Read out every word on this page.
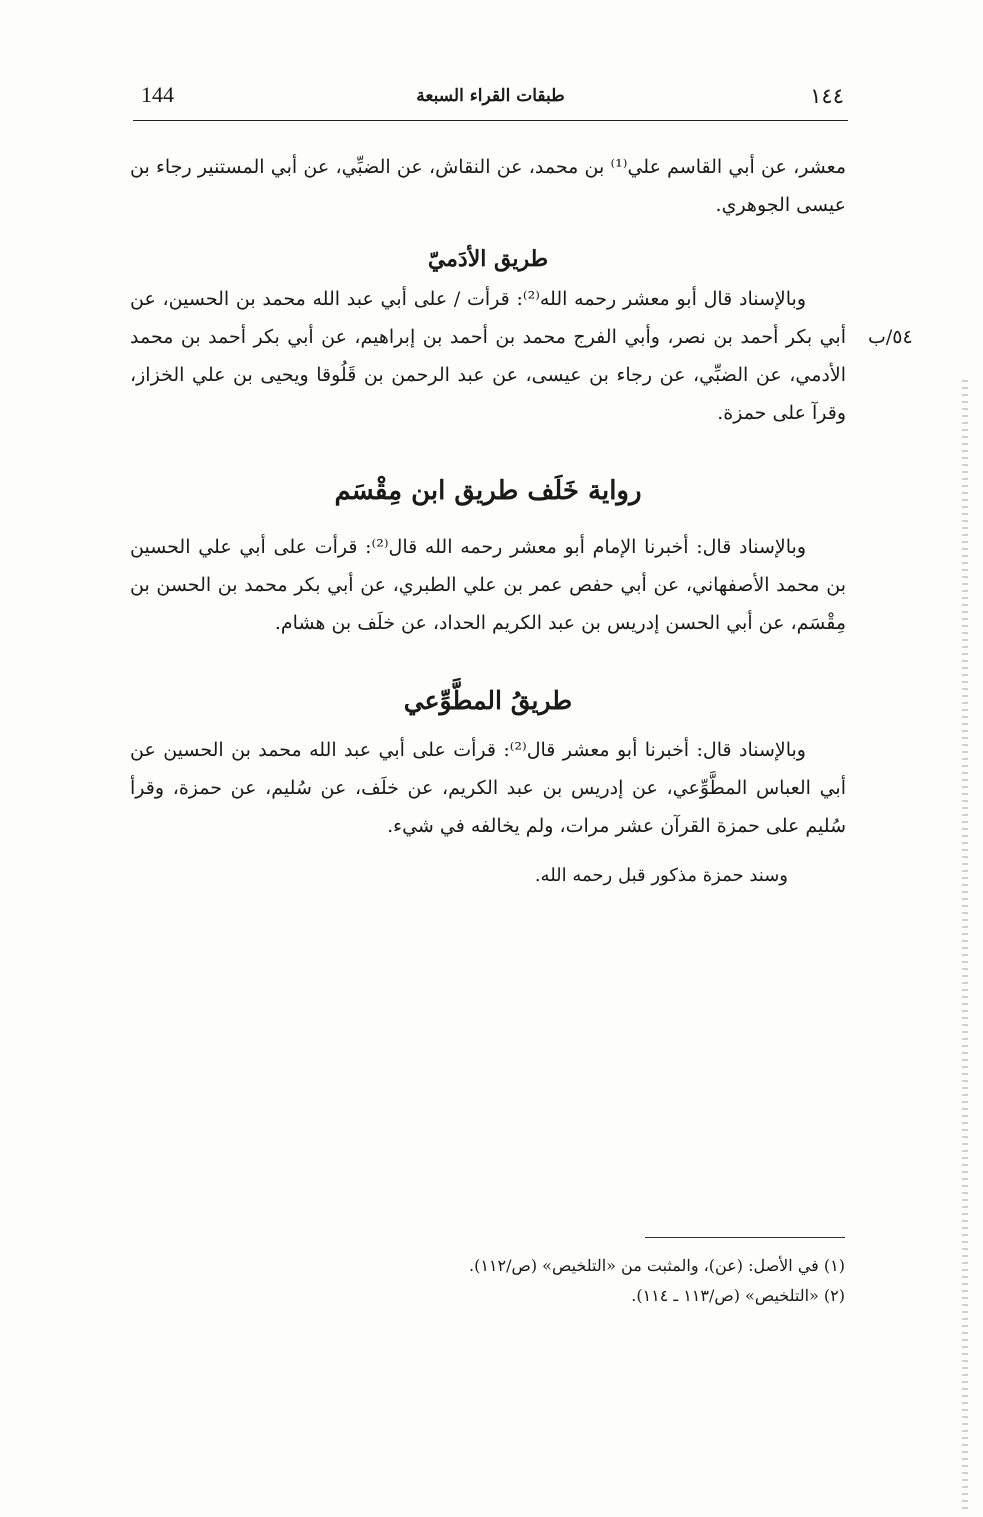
144	طبقات القراء السبعة	١٤٤
٥٤/ب

معشر، عن أبي القاسم علي⁽¹⁾ بن محمد، عن النقاش، عن الضبِّي، عن أبي المستنير رجاء بن عيسى الجوهري.

طريق الأدَميّ

وبالإسناد قال أبو معشر رحمه الله⁽²⁾: قرأت / على أبي عبد الله محمد بن الحسين، عن أبي بكر أحمد بن نصر، وأبي الفرج محمد بن أحمد بن إبراهيم، عن أبي بكر أحمد بن محمد الأدمي، عن الضبِّي، عن رجاء بن عيسى، عن عبد الرحمن بن قَلُوقا ويحيى بن علي الخزاز، وقرآ على حمزة.

رواية خَلَف طريق ابن مِقْسَم

وبالإسناد قال: أخبرنا الإمام أبو معشر رحمه الله قال⁽²⁾: قرأت على أبي علي الحسين بن محمد الأصفهاني، عن أبي حفص عمر بن علي الطبري، عن أبي بكر محمد بن الحسن بن مِقْسَم، عن أبي الحسن إدريس بن عبد الكريم الحداد، عن خلَف بن هشام.

طريقُ المطَّوِّعي

وبالإسناد قال: أخبرنا أبو معشر قال⁽²⁾: قرأت على أبي عبد الله محمد بن الحسين عن أبي العباس المطَّوِّعي، عن إدريس بن عبد الكريم، عن خلَف، عن سُليم، عن حمزة، وقرأ سُليم على حمزة القرآن عشر مرات، ولم يخالفه في شيء.

وسند حمزة مذكور قبل رحمه الله.

(١) في الأصل: (عن)، والمثبت من «التلخيص» (ص/١١٢).

(٢) «التلخيص» (ص/١١٣ ـ ١١٤).
